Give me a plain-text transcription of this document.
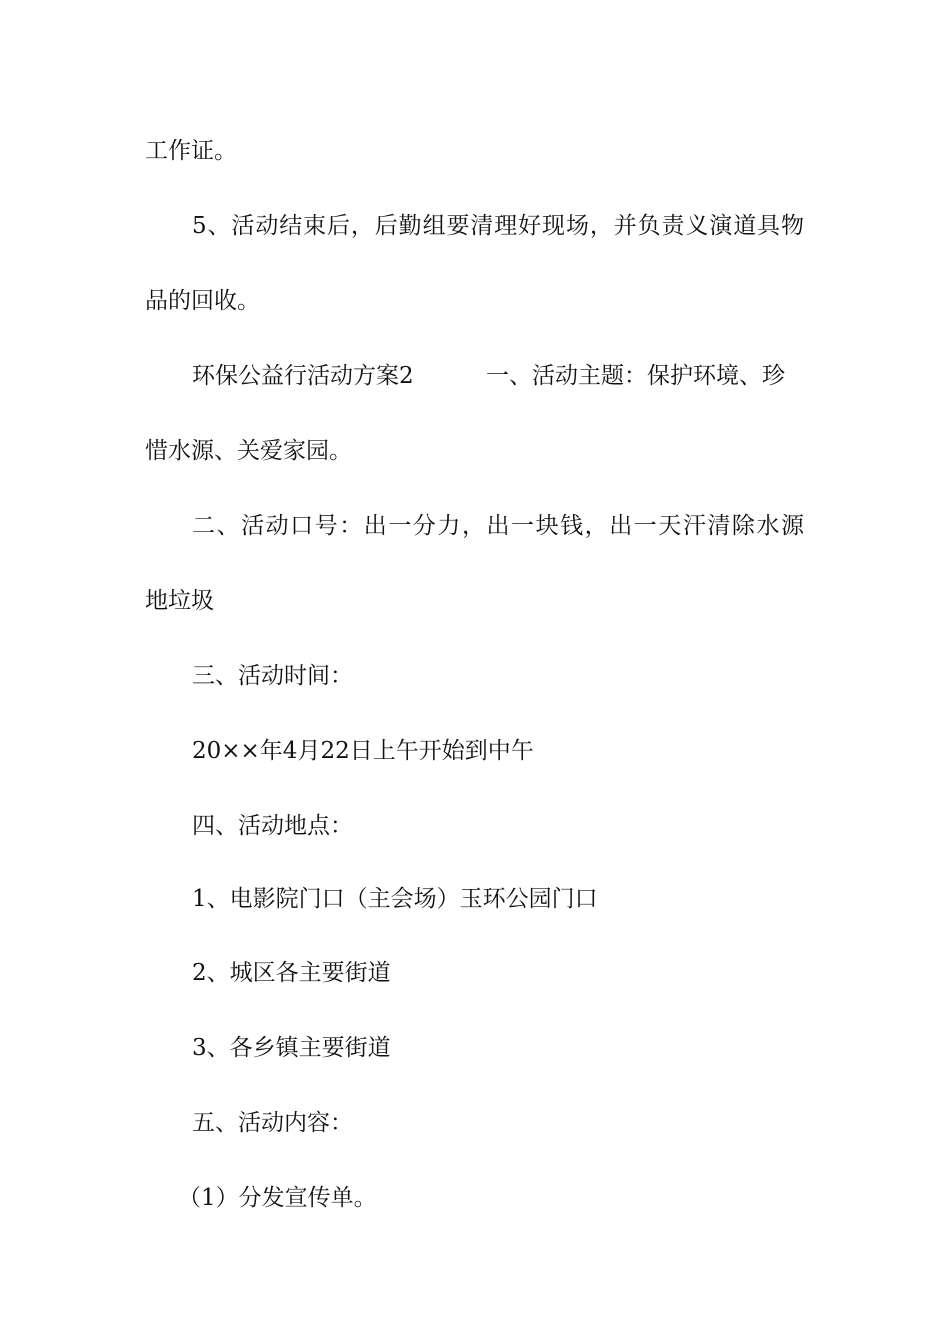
工作证。
5、活动结束后，后勤组要清理好现场，并负责义演道具物
品的回收。
环保公益行活动方案2	一、活动主题：保护环境、珍
惜水源、关爱家园。
二、活动口号：出一分力，出一块钱，出一天汗清除水源
地垃圾
三、活动时间：
20××年4月22日上午开始到中午
四、活动地点：
1、电影院门口（主会场）玉环公园门口
2、城区各主要街道
3、各乡镇主要街道
五、活动内容：
（1）分发宣传单。
